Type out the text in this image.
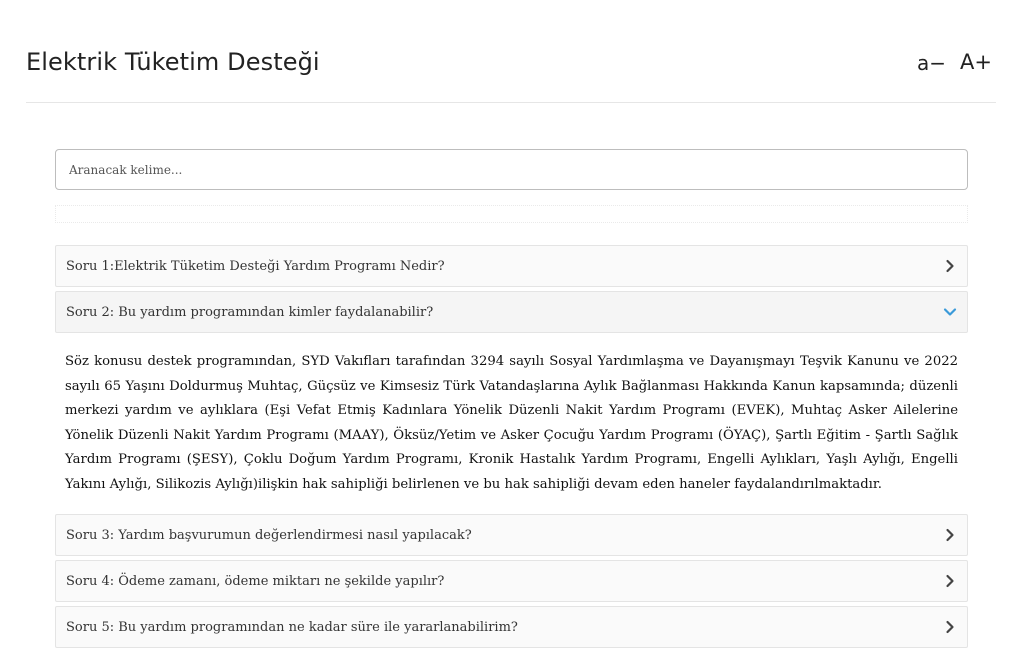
Elektrik Tüketim Desteği	a− A+
Aranacak kelime...
Soru 1:Elektrik Tüketim Desteği Yardım Programı Nedir?
Soru 2: Bu yardım programından kimler faydalanabilir?
Söz konusu destek programından, SYD Vakıfları tarafından 3294 sayılı Sosyal Yardımlaşma ve Dayanışmayı Teşvik Kanunu ve 2022 sayılı 65 Yaşını Doldurmuş Muhtaç, Güçsüz ve Kimsesiz Türk Vatandaşlarına Aylık Bağlanması Hakkında Kanun kapsamında; düzenli merkezi yardım ve aylıklara (Eşi Vefat Etmiş Kadınlara Yönelik Düzenli Nakit Yardım Programı (EVEK), Muhtaç Asker Ailelerine Yönelik Düzenli Nakit Yardım Programı (MAAY), Öksüz/Yetim ve Asker Çocuğu Yardım Programı (ÖYAÇ), Şartlı Eğitim - Şartlı Sağlık Yardım Programı (ŞESY), Çoklu Doğum Yardım Programı, Kronik Hastalık Yardım Programı, Engelli Aylıkları, Yaşlı Aylığı, Engelli Yakını Aylığı, Silikozis Aylığı)ilişkin hak sahipliği belirlenen ve bu hak sahipliği devam eden haneler faydalandırılmaktadır.
Soru 3: Yardım başvurumun değerlendirmesi nasıl yapılacak?
Soru 4: Ödeme zamanı, ödeme miktarı ne şekilde yapılır?
Soru 5: Bu yardım programından ne kadar süre ile yararlanabilirim?
